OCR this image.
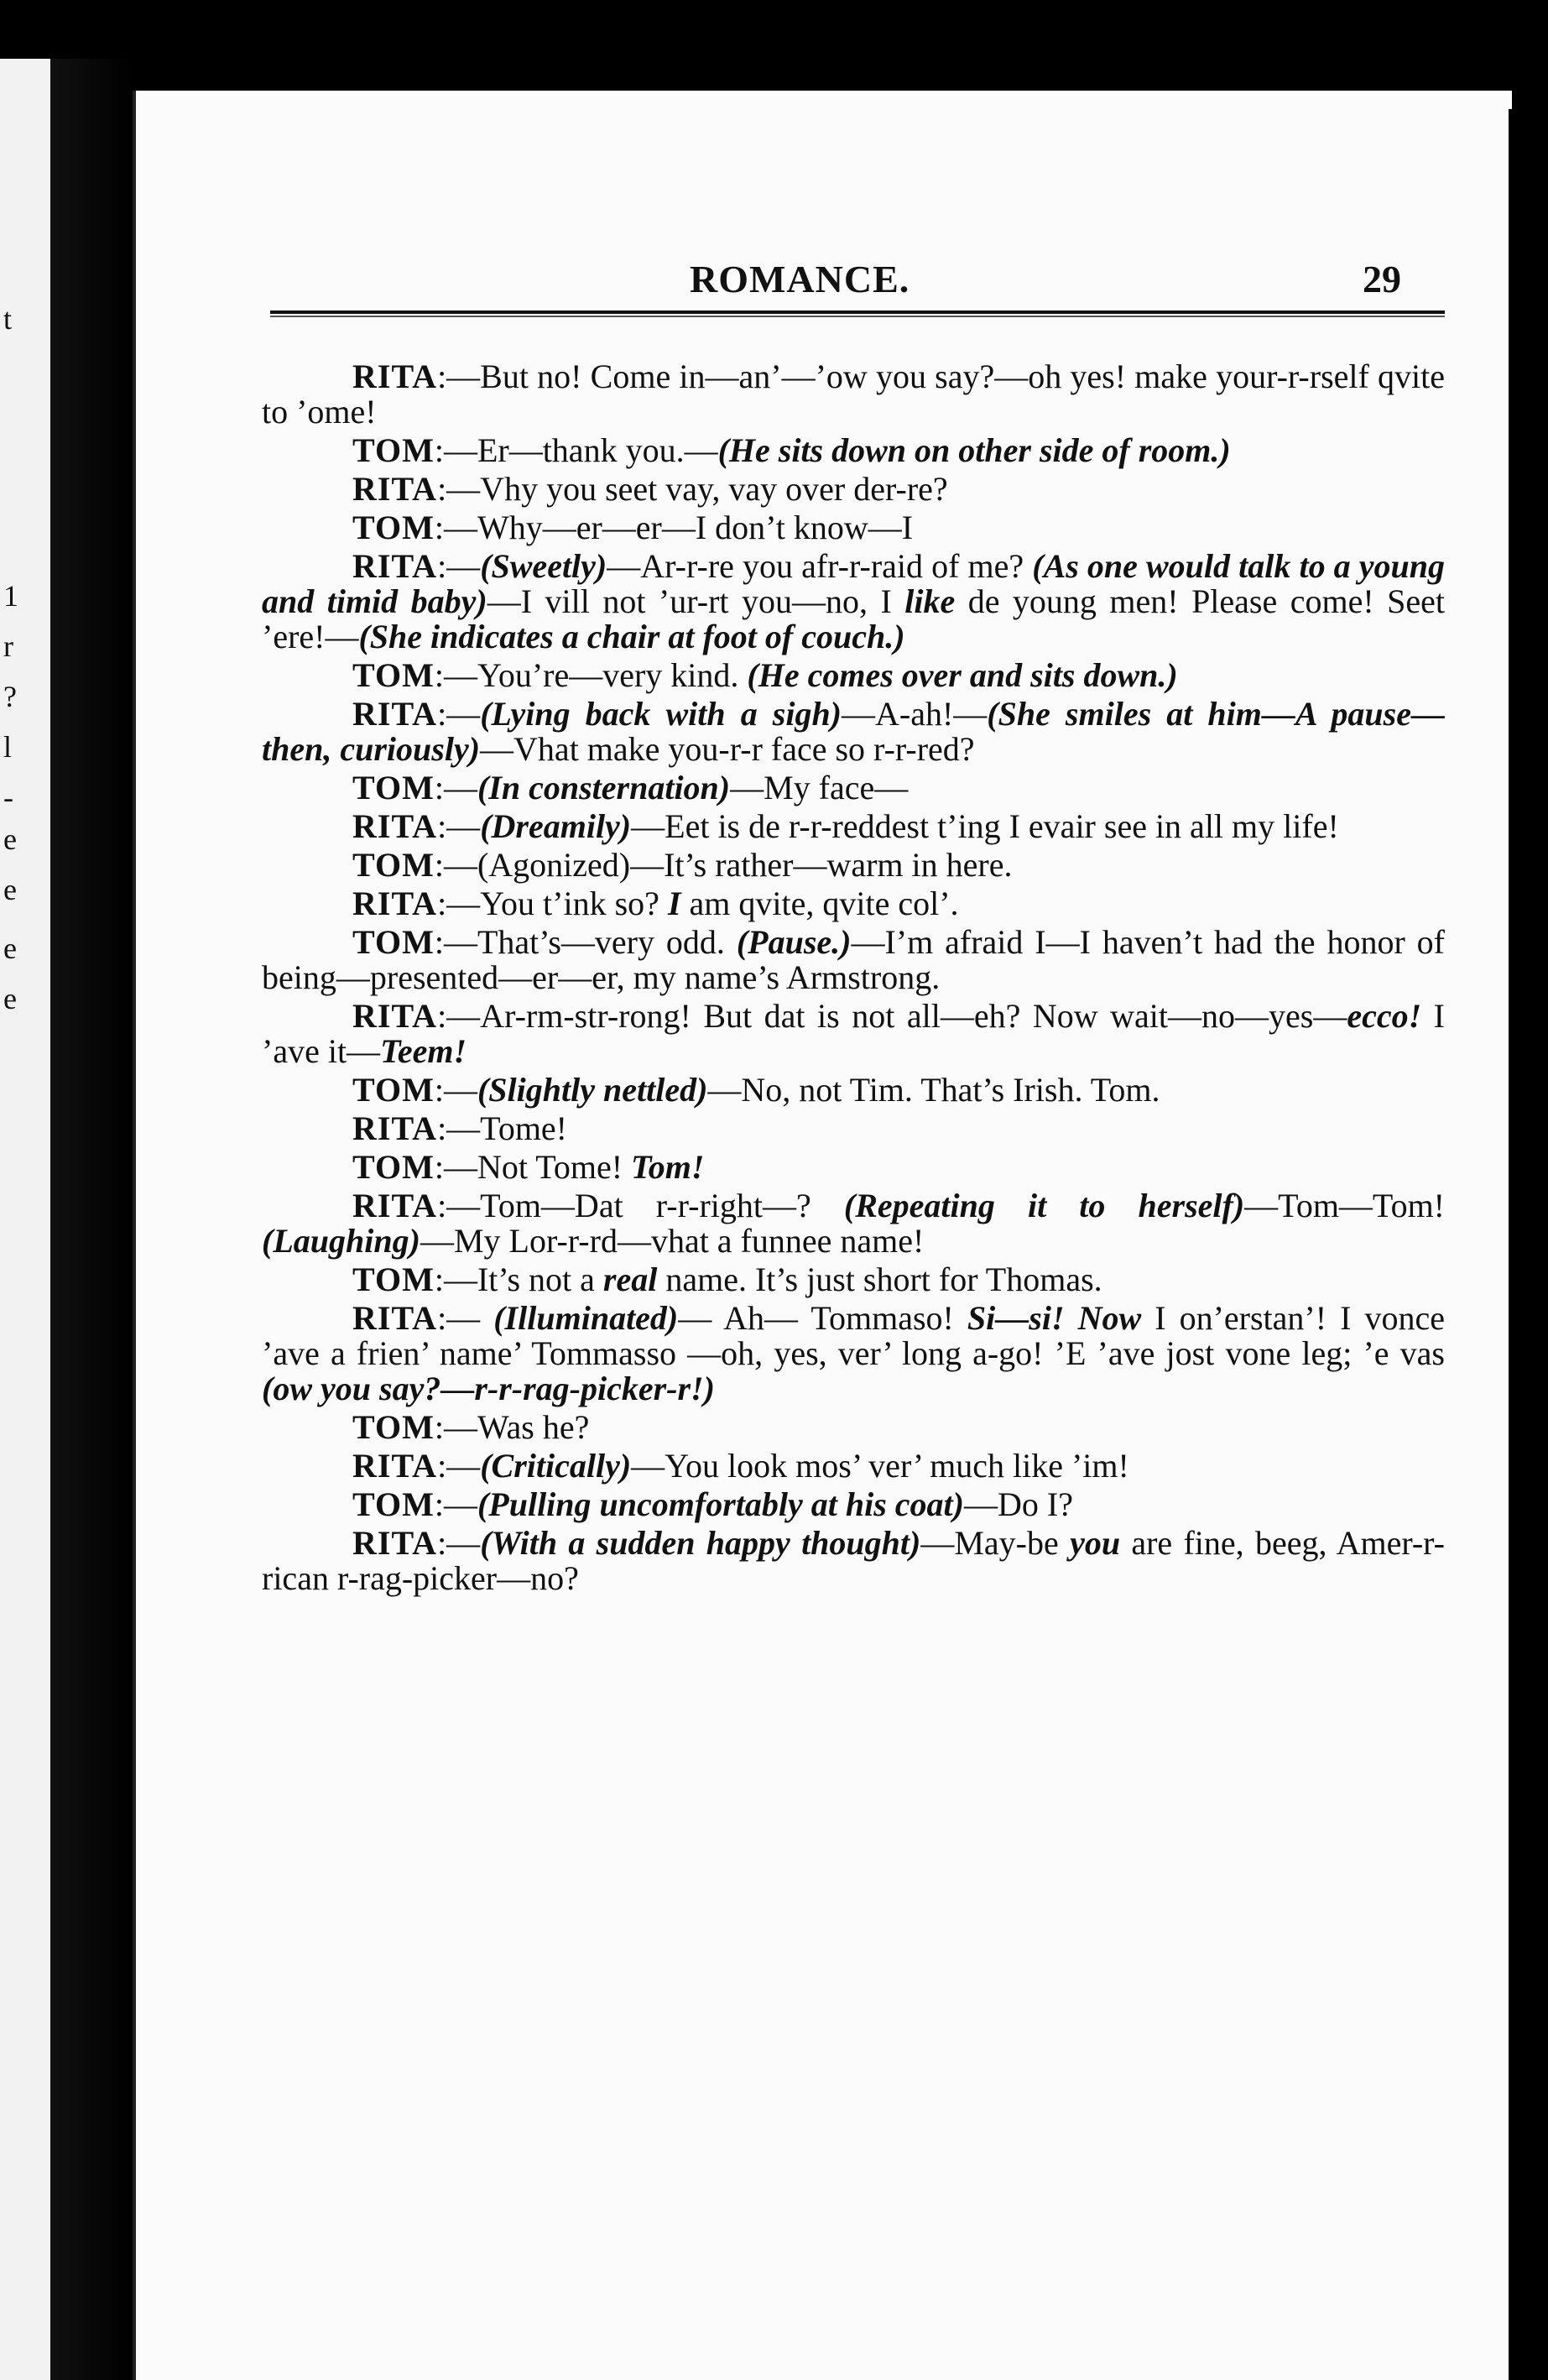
t
1
r
?
l
-
e
e
e
e
ROMANCE.	29

RITA:—But no! Come in—an’—’ow you say?—oh yes! make your-r-rself qvite to ’ome!

TOM:—Er—thank you.—(He sits down on other side of room.)

RITA:—Vhy you seet vay, vay over der-re?

TOM:—Why—er—er—I don’t know—I

RITA:—(Sweetly)—Ar-r-re you afr-r-raid of me? (As one would talk to a young and timid baby)—I vill not ’ur-rt you—no, I like de young men! Please come! Seet ’ere!—(She indicates a chair at foot of couch.)

TOM:—You’re—very kind. (He comes over and sits down.)

RITA:—(Lying back with a sigh)—A-ah!—(She smiles at him—A pause—then, curiously)—Vhat make you-r-r face so r-r-red?

TOM:—(In consternation)—My face—

RITA:—(Dreamily)—Eet is de r-r-reddest t’ing I evair see in all my life!

TOM:—(Agonized)—It’s rather—warm in here.

RITA:—You t’ink so? I am qvite, qvite col’.

TOM:—That’s—very odd. (Pause.)—I’m afraid I—I haven’t had the honor of being—presented—er—er, my name’s Armstrong.

RITA:—Ar-rm-str-rong! But dat is not all—eh? Now wait—no—yes—ecco! I ’ave it—Teem!

TOM:—(Slightly nettled)—No, not Tim. That’s Irish. Tom.

RITA:—Tome!

TOM:—Not Tome! Tom!

RITA:—Tom—Dat r-r-right—? (Repeating it to herself)—Tom—Tom! (Laughing)—My Lor-r-rd—vhat a funnee name!

TOM:—It’s not a real name. It’s just short for Thomas.

RITA:— (Illuminated)— Ah— Tommaso! Si—si! Now I on’erstan’! I vonce ’ave a frien’ name’ Tommasso —oh, yes, ver’ long a-go! ’E ’ave jost vone leg; ’e vas (ow you say?—r-r-rag-picker-r!)

TOM:—Was he?

RITA:—(Critically)—You look mos’ ver’ much like ’im!

TOM:—(Pulling uncomfortably at his coat)—Do I?

RITA:—(With a sudden happy thought)—May-be you are fine, beeg, Amer-r-rican r-rag-picker—no?
